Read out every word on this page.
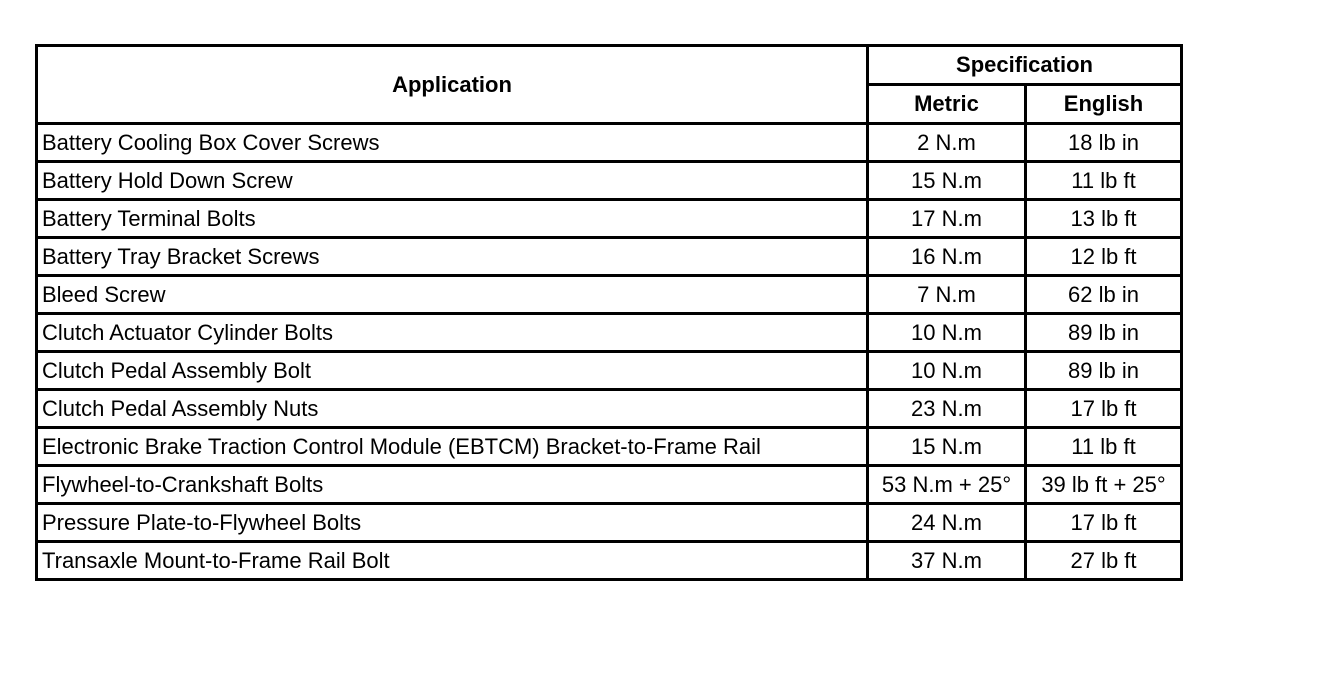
Application	Specification	
	Metric	English
Battery Cooling Box Cover Screws	2 N.m	18 lb in
Battery Hold Down Screw	15 N.m	11 lb ft
Battery Terminal Bolts	17 N.m	13 lb ft
Battery Tray Bracket Screws	16 N.m	12 lb ft
Bleed Screw	7 N.m	62 lb in
Clutch Actuator Cylinder Bolts	10 N.m	89 lb in
Clutch Pedal Assembly Bolt	10 N.m	89 lb in
Clutch Pedal Assembly Nuts	23 N.m	17 lb ft
Electronic Brake Traction Control Module (EBTCM) Bracket-to-Frame Rail	15 N.m	11 lb ft
Flywheel-to-Crankshaft Bolts	53 N.m + 25°	39 lb ft + 25°
Pressure Plate-to-Flywheel Bolts	24 N.m	17 lb ft
Transaxle Mount-to-Frame Rail Bolt	37 N.m	27 lb ft
